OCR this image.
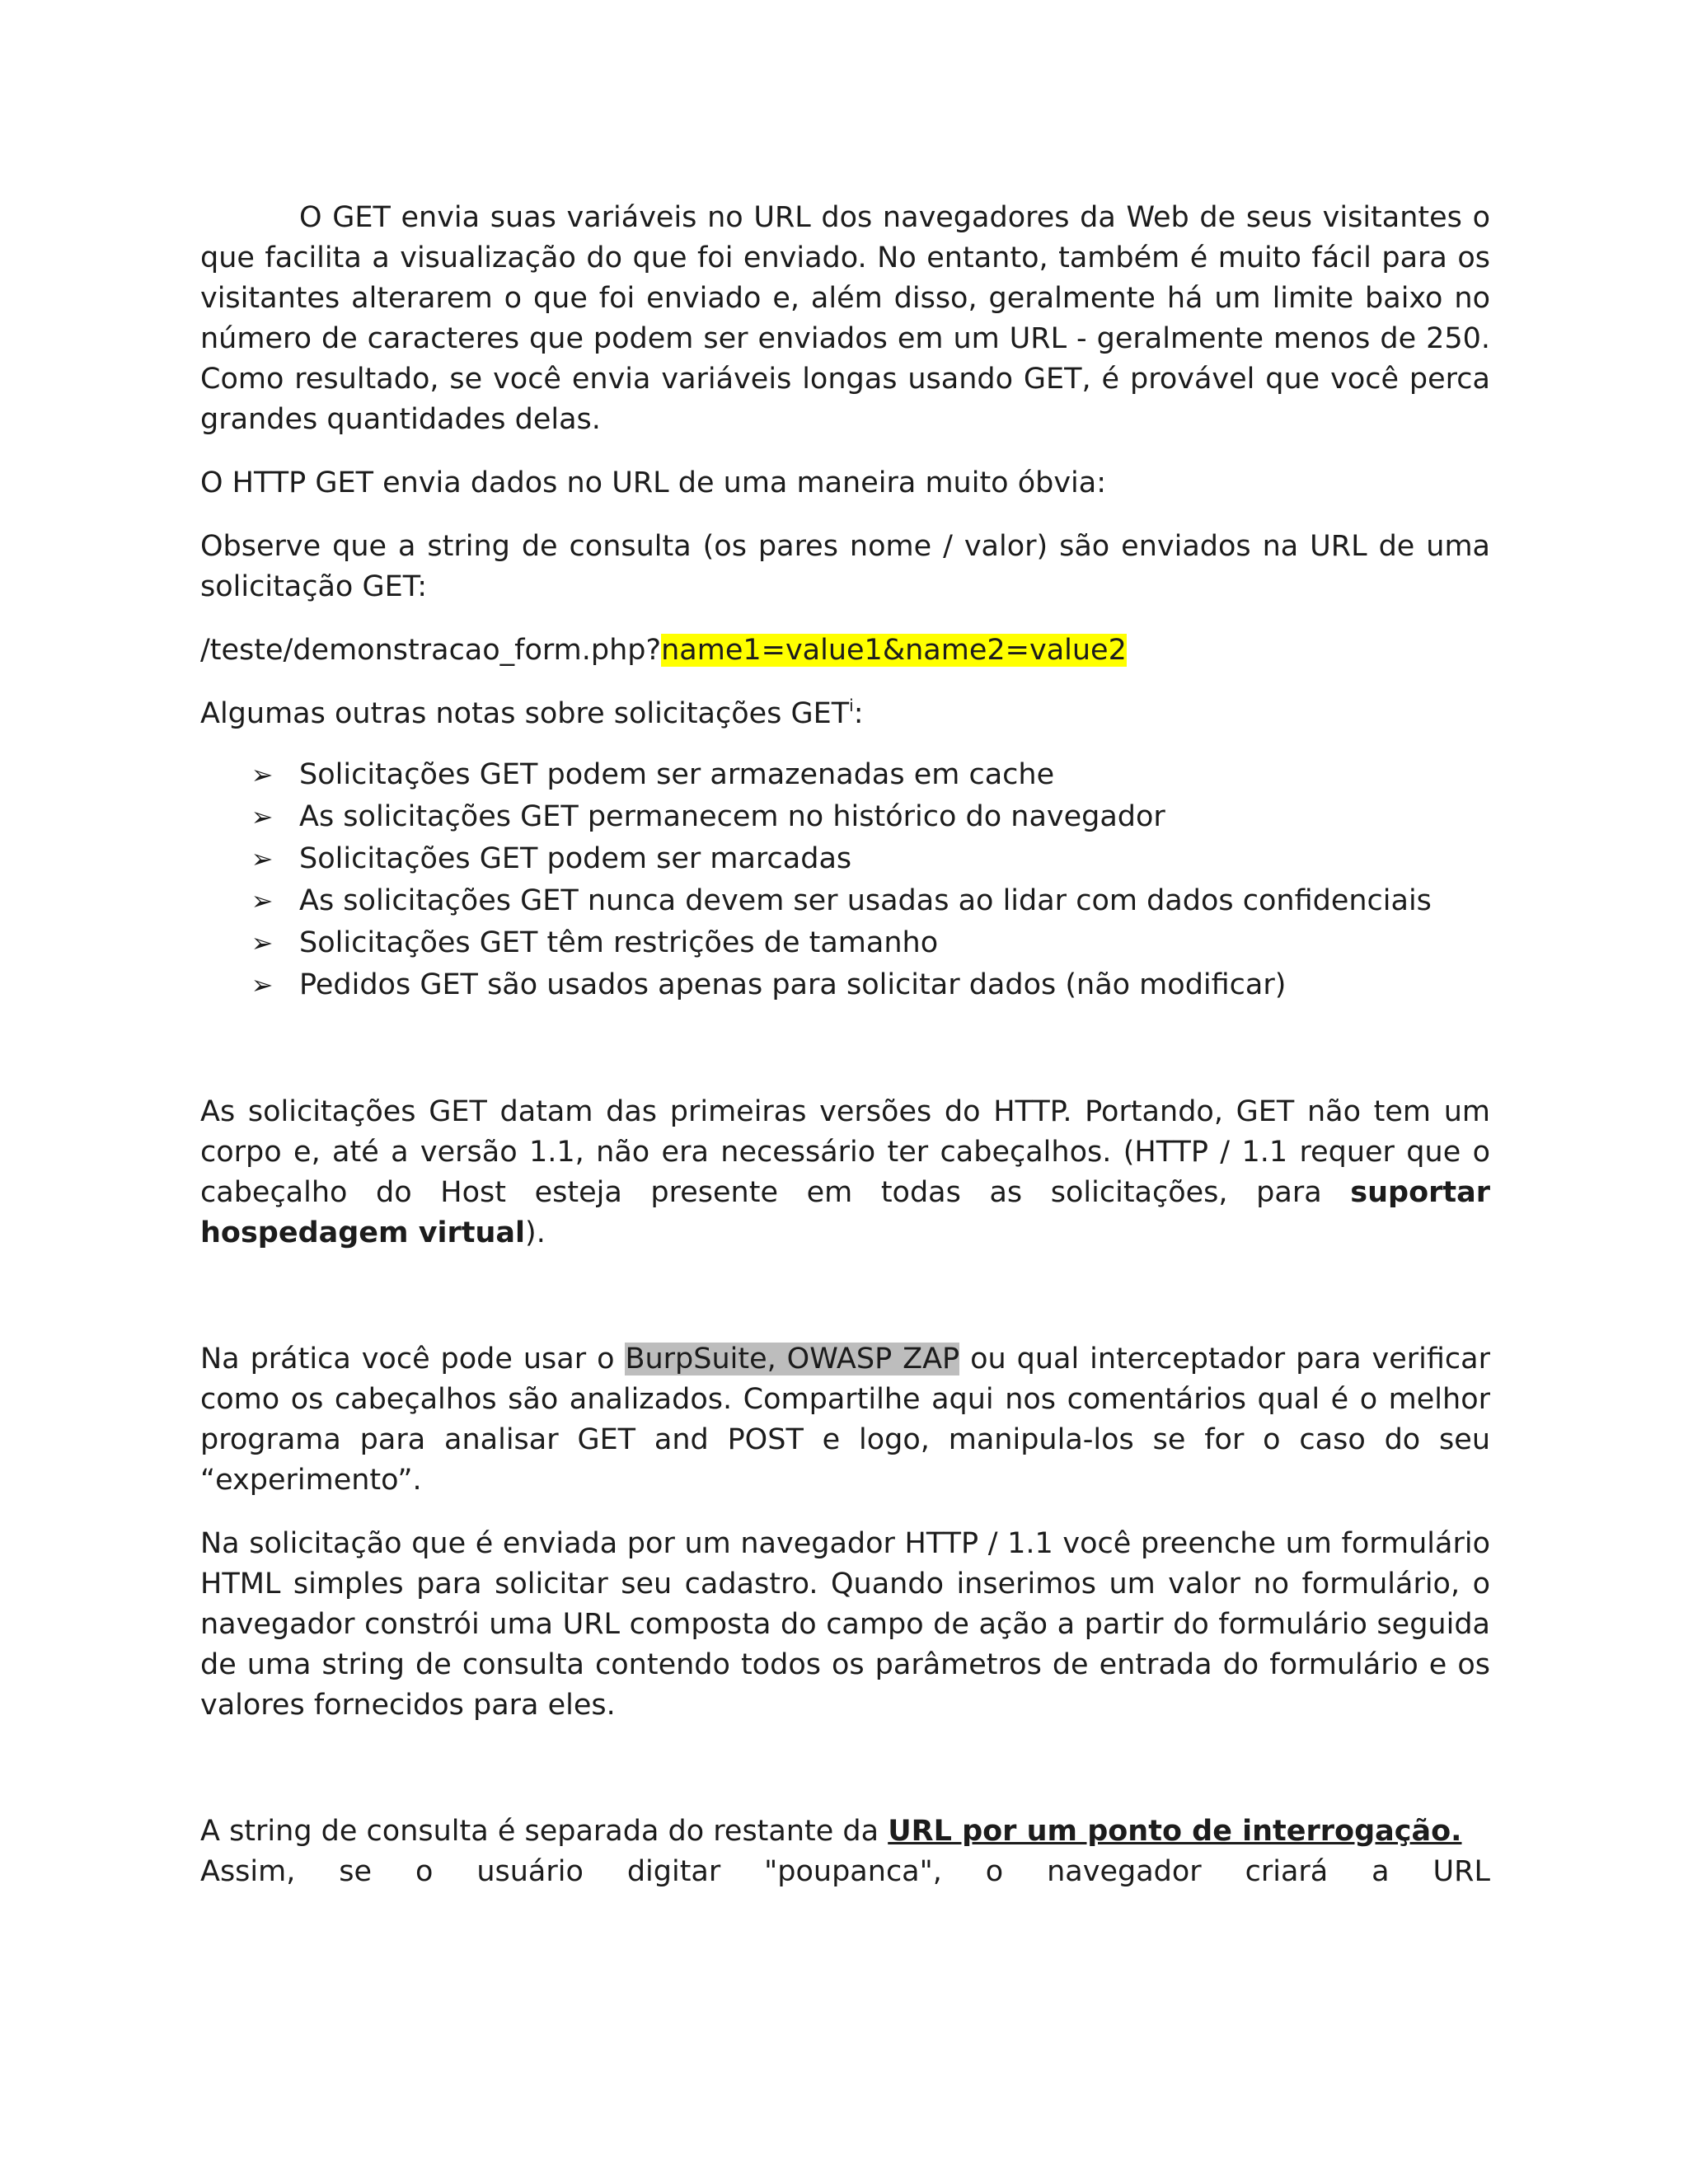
O GET envia suas variáveis no URL dos navegadores da Web de seus visitantes o que facilita a visualização do que foi enviado. No entanto, também é muito fácil para os visitantes alterarem o que foi enviado e, além disso, geralmente há um limite baixo no número de caracteres que podem ser enviados em um URL - geralmente menos de 250. Como resultado, se você envia variáveis longas usando GET, é provável que você perca grandes quantidades delas.

O HTTP GET envia dados no URL de uma maneira muito óbvia:

Observe que a string de consulta (os pares nome / valor) são enviados na URL de uma solicitação GET:

/teste/demonstracao_form.php?name1=value1&name2=value2

Algumas outras notas sobre solicitações GET$^i$:

➢ Solicitações GET podem ser armazenadas em cache
➢ As solicitações GET permanecem no histórico do navegador
➢ Solicitações GET podem ser marcadas
➢ As solicitações GET nunca devem ser usadas ao lidar com dados confidenciais
➢ Solicitações GET têm restrições de tamanho
➢ Pedidos GET são usados apenas para solicitar dados (não modificar)

As solicitações GET datam das primeiras versões do HTTP. Portando, GET não tem um corpo e, até a versão 1.1, não era necessário ter cabeçalhos. (HTTP / 1.1 requer que o cabeçalho do Host esteja presente em todas as solicitações, para suportar hospedagem virtual).

Na prática você pode usar o BurpSuite, OWASP ZAP ou qual interceptador para verificar como os cabeçalhos são analizados. Compartilhe aqui nos comentários qual é o melhor programa para analisar GET and POST e logo, manipula-los se for o caso do seu “experimento”.

Na solicitação que é enviada por um navegador HTTP / 1.1 você preenche um formulário HTML simples para solicitar seu cadastro. Quando inserimos um valor no formulário, o navegador constrói uma URL composta do campo de ação a partir do formulário seguida de uma string de consulta contendo todos os parâmetros de entrada do formulário e os valores fornecidos para eles.

A string de consulta é separada do restante da URL por um ponto de interrogação.

Assim, se o usuário digitar "poupanca", o navegador criará a URL
